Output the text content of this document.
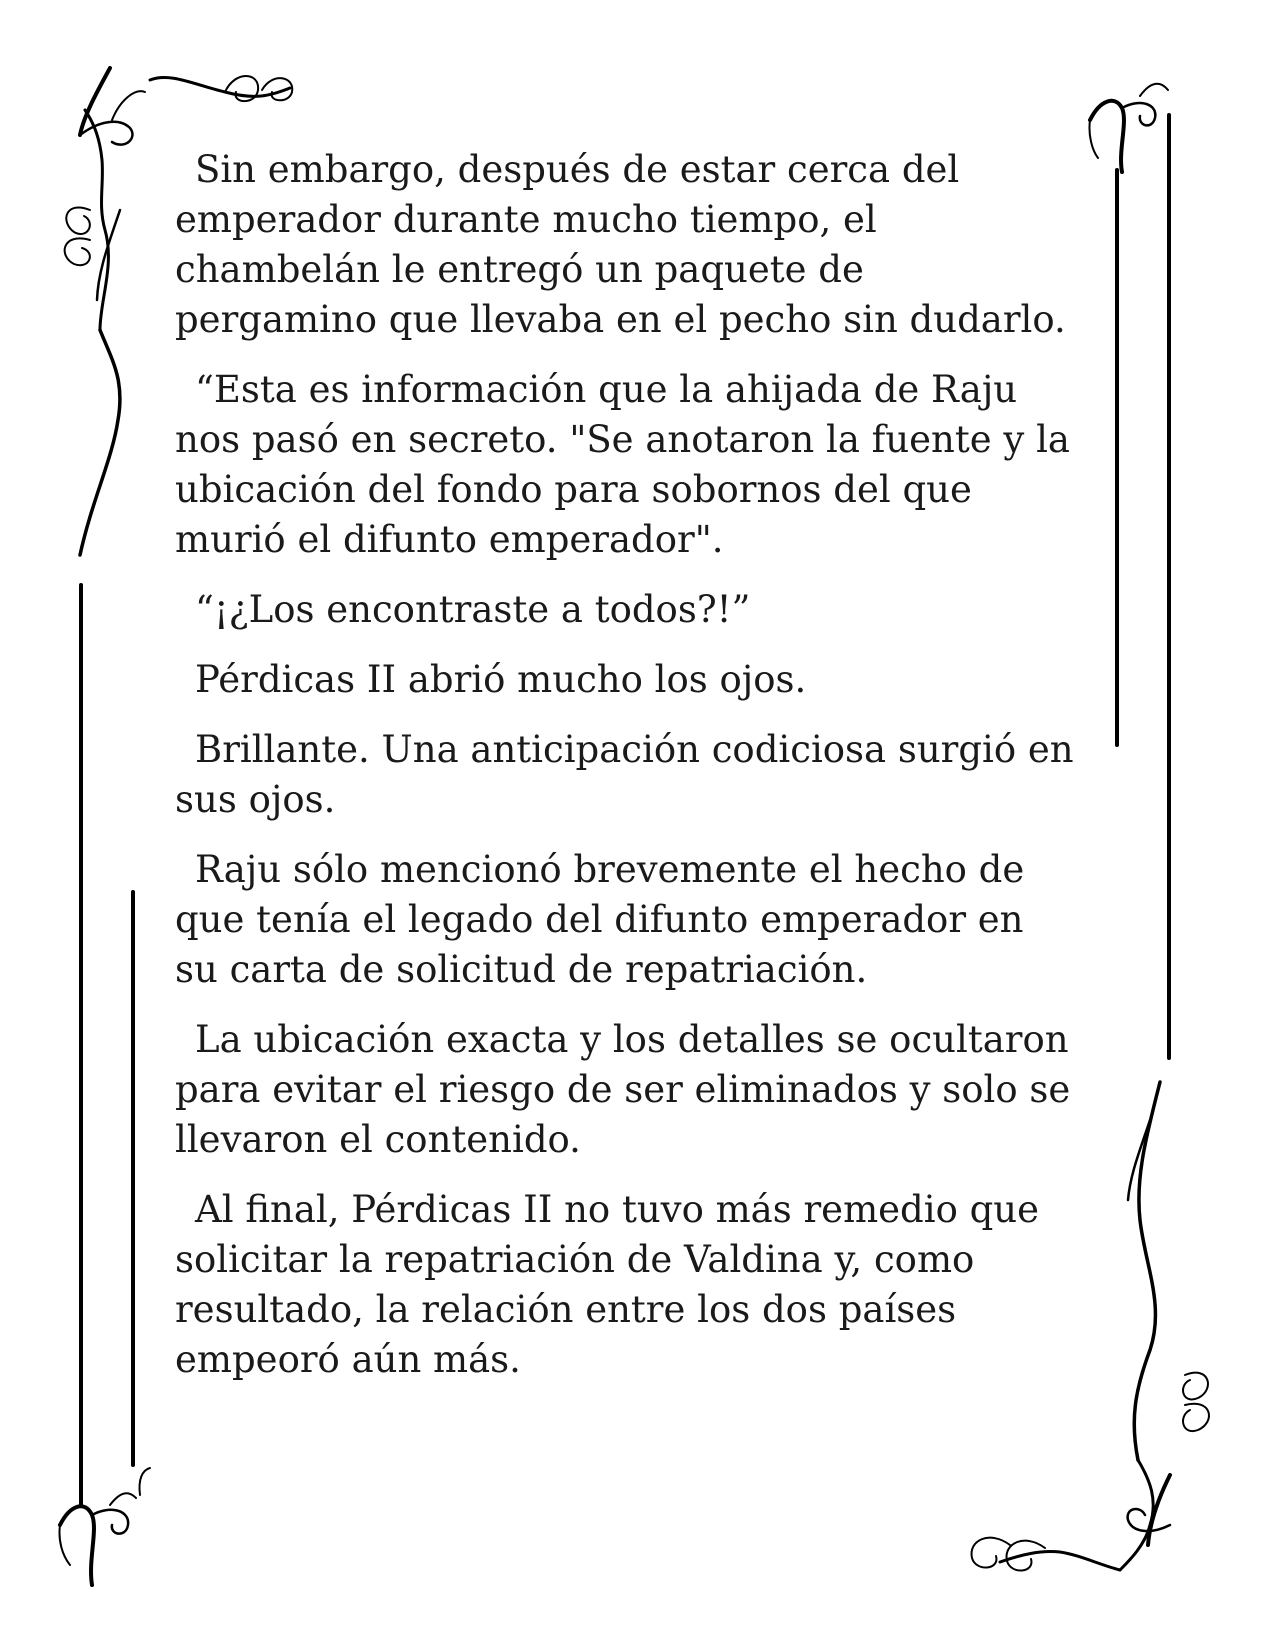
Sin embargo, después de estar cerca del emperador durante mucho tiempo, el chambelán le entregó un paquete de pergamino que llevaba en el pecho sin dudarlo.

“Esta es información que la ahijada de Raju nos pasó en secreto. "Se anotaron la fuente y la ubicación del fondo para sobornos del que murió el difunto emperador".

“¡¿Los encontraste a todos?!”

Pérdicas II abrió mucho los ojos.

Brillante. Una anticipación codiciosa surgió en sus ojos.

Raju sólo mencionó brevemente el hecho de que tenía el legado del difunto emperador en su carta de solicitud de repatriación.

La ubicación exacta y los detalles se ocultaron para evitar el riesgo de ser eliminados y solo se llevaron el contenido.

Al final, Pérdicas II no tuvo más remedio que solicitar la repatriación de Valdina y, como resultado, la relación entre los dos países empeoró aún más.
